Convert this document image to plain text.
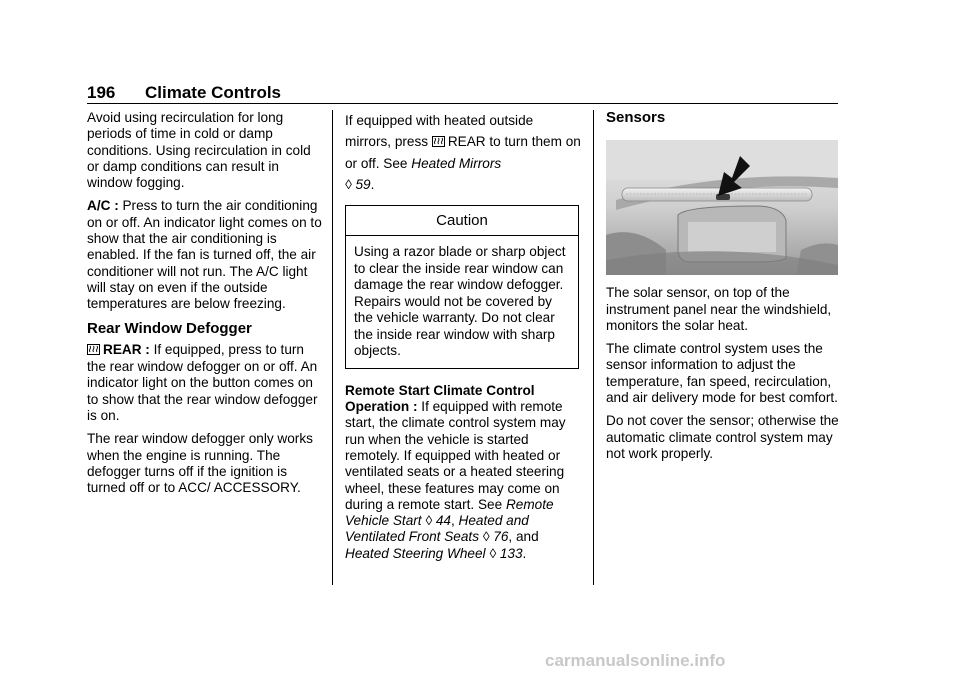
196 Climate Controls

Avoid using recirculation for long periods of time in cold or damp conditions. Using recirculation in cold or damp conditions can result in window fogging.

A/C : Press to turn the air conditioning on or off. An indicator light comes on to show that the air conditioning is enabled. If the fan is turned off, the air conditioner will not run. The A/C light will stay on even if the outside temperatures are below freezing.

Rear Window Defogger

REAR : If equipped, press to turn the rear window defogger on or off. An indicator light on the button comes on to show that the rear window defogger is on.

The rear window defogger only works when the engine is running. The defogger turns off if the ignition is turned off or to ACC/ ACCESSORY.

If equipped with heated outside mirrors, press REAR to turn them on or off. See Heated Mirrors
◊ 59.

Caution
Using a razor blade or sharp object to clear the inside rear window can damage the rear window defogger. Repairs would not be covered by the vehicle warranty. Do not clear the inside rear window with sharp objects.

Remote Start Climate Control Operation : If equipped with remote start, the climate control system may run when the vehicle is started remotely. If equipped with heated or ventilated seats or a heated steering wheel, these features may come on during a remote start. See Remote Vehicle Start ◊ 44, Heated and Ventilated Front Seats ◊ 76, and Heated Steering Wheel ◊ 133.

Sensors

The solar sensor, on top of the instrument panel near the windshield, monitors the solar heat.

The climate control system uses the sensor information to adjust the temperature, fan speed, recirculation, and air delivery mode for best comfort.

Do not cover the sensor; otherwise the automatic climate control system may not work properly.

carmanualsonline.info
